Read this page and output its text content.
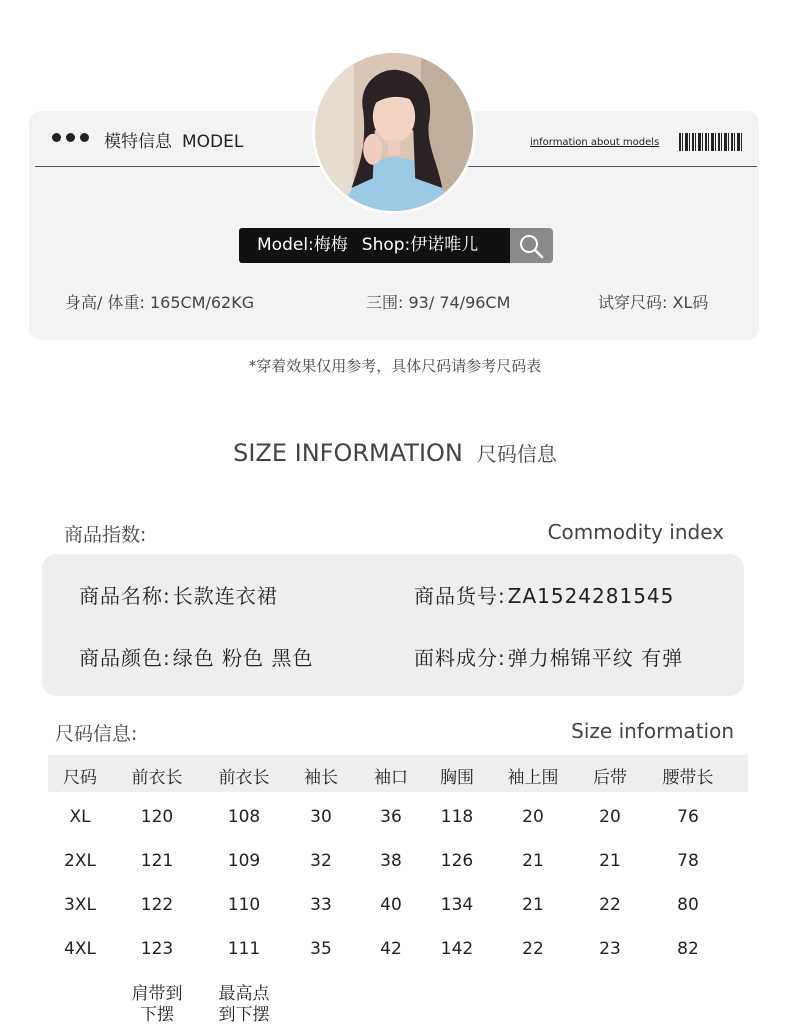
模特信息 MODEL	information about models
Model:梅梅 Shop:伊诺唯儿
身高/ 体重: 165CM/62KG	三围: 93/ 74/96CM	试穿尺码: XL码
*穿着效果仅用参考，具体尺码请参考尺码表
SIZE INFORMATION 尺码信息
商品指数:	Commodity index
商品名称: 长款连衣裙	商品货号: ZA1524281545
商品颜色: 绿色 粉色 黑色	面料成分: 弹力棉锦平纹 有弹
尺码信息:	Size information
尺码 前衣长 前衣长 袖长 袖口 胸围 袖上围 后带 腰带长
XL	120	108	30	36 118	20	20	76
2XL	121	109	32	38 126	21	21	78
3XL	122	110	33	40 134	21	22	80
4XL	123	111	35	42 142	22	23	82
肩带到
下摆
最高点
到下摆
